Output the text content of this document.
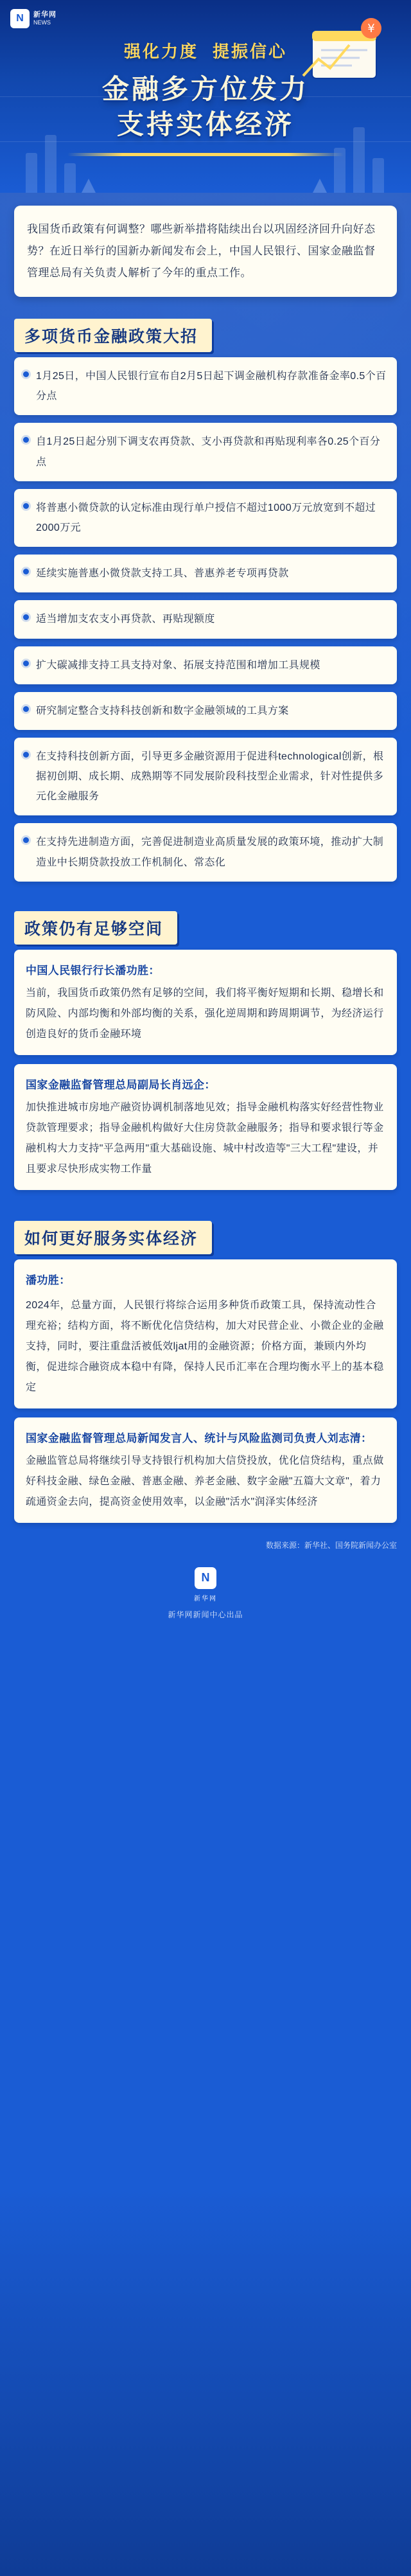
N	新华网
NEWS	¥
强化力度 提振信心
金融多方位发力
支持实体经济
我国货币政策有何调整？哪些新举措将陆续出台以巩固经济回升向好态势？在近日举行的国新办新闻发布会上，中国人民银行、国家金融监督管理总局有关负责人解析了今年的重点工作。
多项货币金融政策大招
1月25日，中国人民银行宣布自2月5日起下调金融机构存款准备金率0.5个百分点
自1月25日起分别下调支农再贷款、支小再贷款和再贴现利率各0.25个百分点
将普惠小微贷款的认定标准由现行单户授信不超过1000万元放宽到不超过2000万元
延续实施普惠小微贷款支持工具、普惠养老专项再贷款
适当增加支农支小再贷款、再贴现额度
扩大碳减排支持工具支持对象、拓展支持范围和增加工具规模
研究制定整合支持科技创新和数字金融领域的工具方案
在支持科技创新方面，引导更多金融资源用于促进科technological创新，根据初创期、成长期、成熟期等不同发展阶段科技型企业需求，针对性提供多元化金融服务
在支持先进制造方面，完善促进制造业高质量发展的政策环境，推动扩大制造业中长期贷款投放工作机制化、常态化
政策仍有足够空间
中国人民银行行长潘功胜：

当前，我国货币政策仍然有足够的空间，我们将平衡好短期和长期、稳增长和防风险、内部均衡和外部均衡的关系，强化逆周期和跨周期调节，为经济运行创造良好的货币金融环境

国家金融监督管理总局副局长肖远企：

加快推进城市房地产融资协调机制落地见效；指导金融机构落实好经营性物业贷款管理要求；指导金融机构做好大住房贷款金融服务；指导和要求银行等金融机构大力支持"平急两用"重大基础设施、城中村改造等"三大工程"建设，并且要求尽快形成实物工作量

如何更好服务实体经济
潘功胜：

2024年，总量方面，人民银行将综合运用多种货币政策工具，保持流动性合理充裕；结构方面，将不断优化信贷结构，加大对民营企业、小微企业的金融支持，同时，要注重盘活被低效ljat用的金融资源；价格方面，兼顾内外均衡，促进综合融资成本稳中有降，保持人民币汇率在合理均衡水平上的基本稳定

国家金融监督管理总局新闻发言人、统计与风险监测司负责人刘志清：

金融监管总局将继续引导支持银行机构加大信贷投放，优化信贷结构，重点做好科技金融、绿色金融、普惠金融、养老金融、数字金融"五篇大文章"，着力疏通资金去向，提高资金使用效率，以金融"活水"润泽实体经济

数据来源：新华社、国务院新闻办公室
N
新华网
新华网新闻中心出品
